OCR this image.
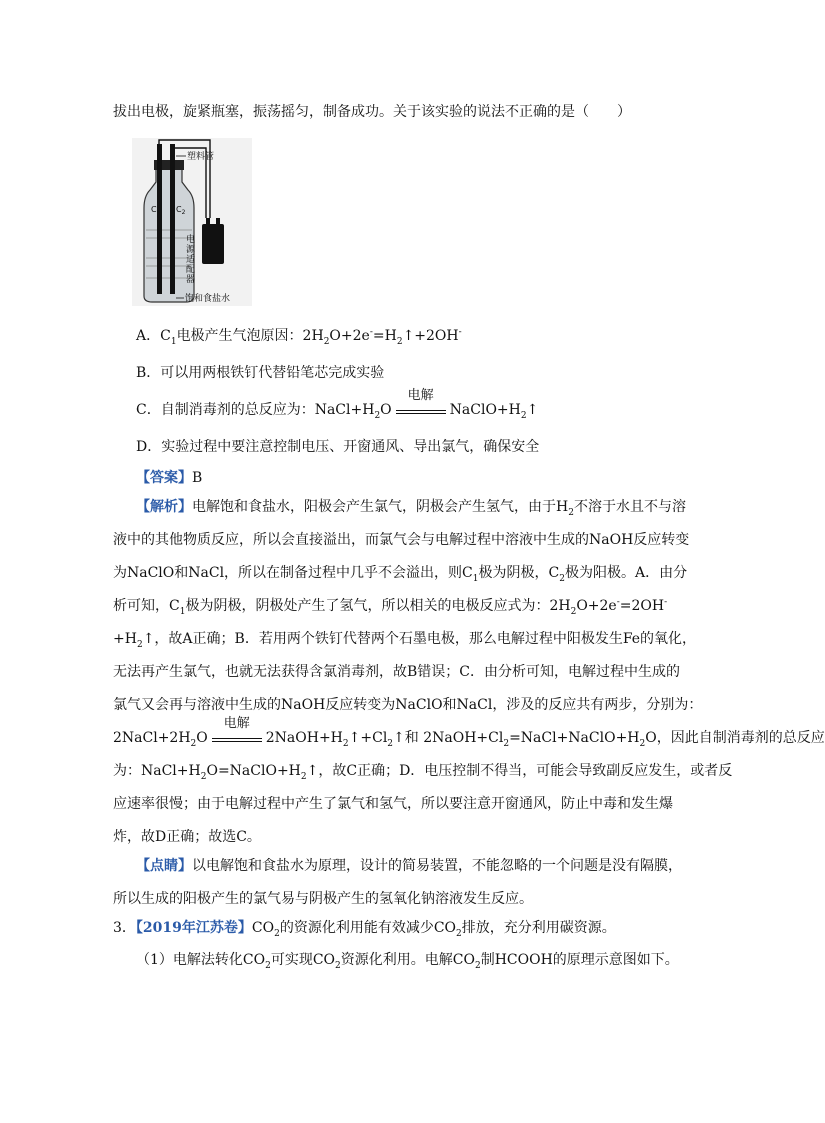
拔出电极，旋紧瓶塞，振荡摇匀，制备成功。关于该实验的说法不正确的是（　　）
塑料管
饱和食盐水
$C_1$ $C_2$
电源适配器
A．$C_1$电极产生气泡原因：$2H_2O+2e^-=H_2↑ +2OH^-$
B．可以用两根铁钉代替铅笔芯完成实验
C．自制消毒剂的总反应为：$NaCl+H_2O$
电解
$NaClO+H_2↑$
D．实验过程中要注意控制电压、开窗通风、导出氯气，确保安全
【答案】B
【解析】电解饱和食盐水，阳极会产生氯气，阴极会产生氢气，由于$H_2$不溶于水且不与溶
液中的其他物质反应，所以会直接溢出，而氯气会与电解过程中溶液中生成的NaOH反应转变
为NaClO和NaCl，所以在制备过程中几乎不会溢出，则$C_1$极为阴极，$C_2$极为阳极。A．由分
析可知，$C_1$极为阴极，阴极处产生了氢气，所以相关的电极反应式为：$2H_2O+2e^-=2OH^-$
$+H_2↑$ ，故A正确；B．若用两个铁钉代替两个石墨电极，那么电解过程中阳极发生Fe的氧化，
无法再产生氯气，也就无法获得含氯消毒剂，故B错误；C．由分析可知，电解过程中生成的
氯气又会再与溶液中生成的NaOH反应转变为NaClO和NaCl，涉及的反应共有两步，分别为：
$2NaCl+2H_2O$
电解
$2NaOH+H_2↑$ $+Cl_2↑$ 和 $2NaOH+Cl_2=NaCl+NaClO+H_2O$，因此自制消毒剂的总反应
为：$NaCl+H_2O=NaClO+H_2↑$ ，故C正确；D．电压控制不得当，可能会导致副反应发生，或者反
应速率很慢；由于电解过程中产生了氯气和氢气，所以要注意开窗通风，防止中毒和发生爆
炸，故D正确；故选C。
【点睛】以电解饱和食盐水为原理，设计的简易装置，不能忽略的一个问题是没有隔膜，
所以生成的阳极产生的氯气易与阴极产生的氢氧化钠溶液发生反应。
3．【2019年江苏卷】$CO_2$的资源化利用能有效减少$CO_2$排放，充分利用碳资源。
（1）电解法转化$CO_2$可实现$CO_2$资源化利用。电解$CO_2$制HCOOH的原理示意图如下。
